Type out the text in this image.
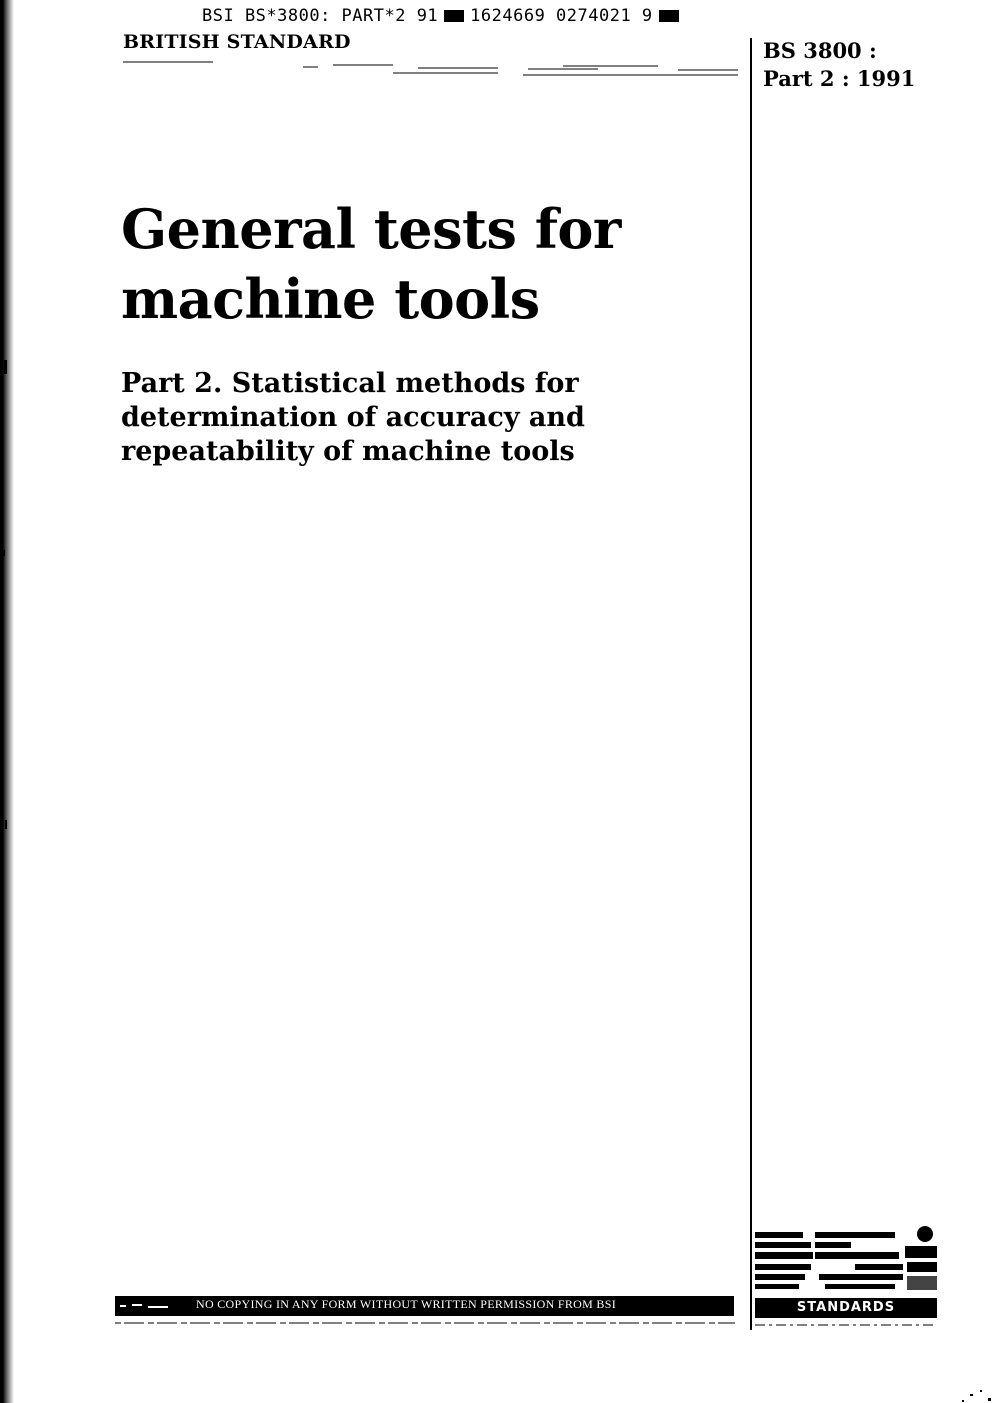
BSI BS*3800: PART*2 91 1624669 0274021 9
BRITISH STANDARD	BS 3800 :
Part 2 : 1991
General tests for
machine tools
Part 2. Statistical methods for
determination of accuracy and
repeatability of machine tools
NO COPYING IN ANY FORM WITHOUT WRITTEN PERMISSION FROM BSI	STANDARDS
